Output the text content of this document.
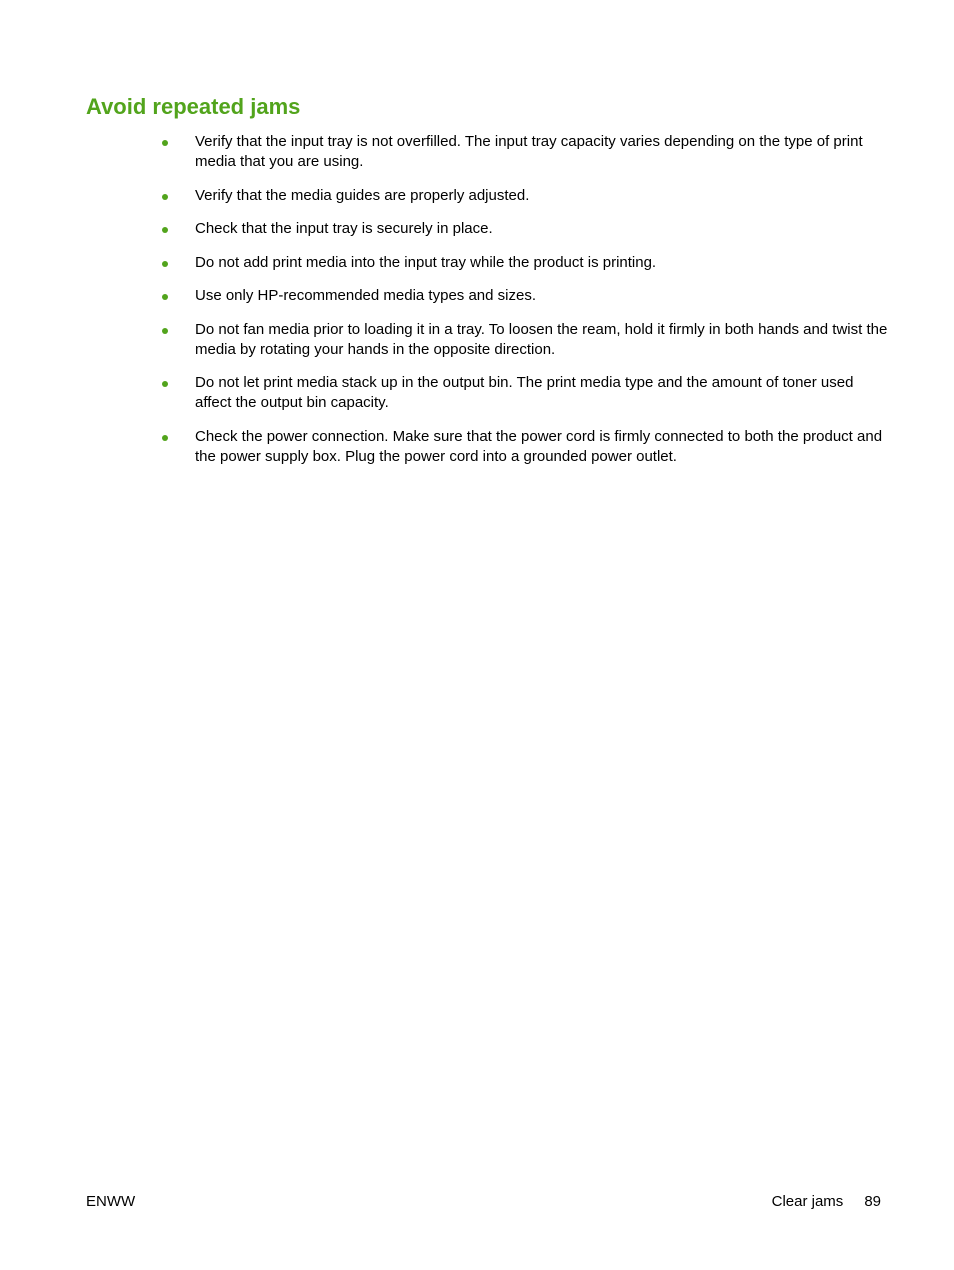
Avoid repeated jams
Verify that the input tray is not overfilled. The input tray capacity varies depending on the type of print media that you are using.
Verify that the media guides are properly adjusted.
Check that the input tray is securely in place.
Do not add print media into the input tray while the product is printing.
Use only HP-recommended media types and sizes.
Do not fan media prior to loading it in a tray. To loosen the ream, hold it firmly in both hands and twist the media by rotating your hands in the opposite direction.
Do not let print media stack up in the output bin. The print media type and the amount of toner used affect the output bin capacity.
Check the power connection. Make sure that the power cord is firmly connected to both the product and the power supply box. Plug the power cord into a grounded power outlet.
ENWW	Clear jams 89
